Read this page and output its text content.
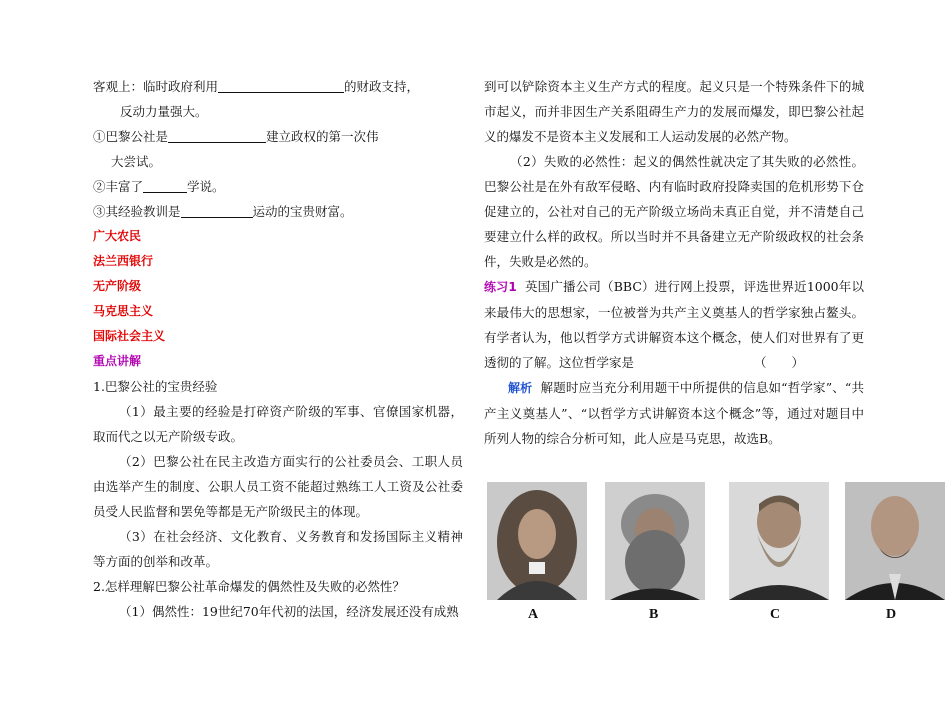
客观上：临时政府利用	的财政支持，
反动力量强大。
①巴黎公社是	建立政权的第一次伟
大尝试。
②丰富了	学说。
③其经验教训是	运动的宝贵财富。
广大农民
法兰西银行
无产阶级
马克思主义
国际社会主义
重点讲解
1.巴黎公社的宝贵经验
（1）最主要的经验是打碎资产阶级的军事、官僚国家机器，取而代之以无产阶级专政。
（2）巴黎公社在民主改造方面实行的公社委员会、工职人员由选举产生的制度、公职人员工资不能超过熟练工人工资及公社委员受人民监督和罢免等都是无产阶级民主的体现。
（3）在社会经济、文化教育、义务教育和发扬国际主义精神等方面的创举和改革。
2.怎样理解巴黎公社革命爆发的偶然性及失败的必然性？
（1）偶然性：19世纪70年代初的法国，经济发展还没有成熟
到可以铲除资本主义生产方式的程度。起义只是一个特殊条件下的城市起义，而并非因生产关系阻碍生产力的发展而爆发，即巴黎公社起义的爆发不是资本主义发展和工人运动发展的必然产物。
（2）失败的必然性：起义的偶然性就决定了其失败的必然性。巴黎公社是在外有敌军侵略、内有临时政府投降卖国的危机形势下仓促建立的，公社对自己的无产阶级立场尚未真正自觉，并不清楚自己要建立什么样的政权。所以当时并不具备建立无产阶级政权的社会条件，失败是必然的。
练习1 英国广播公司（BBC）进行网上投票，评选世界近1000年以来最伟大的思想家，一位被誉为共产主义奠基人的哲学家独占鳌头。有学者认为，他以哲学方式讲解资本这个概念，使人们对世界有了更透彻的了解。这位哲学家是	（　　）
解析 解题时应当充分利用题干中所提供的信息如“哲学家”、“共产主义奠基人”、“以哲学方式讲解资本这个概念”等，通过对题目中所列人物的综合分析可知，此人应是马克思，故选B。
A	B	C	D
